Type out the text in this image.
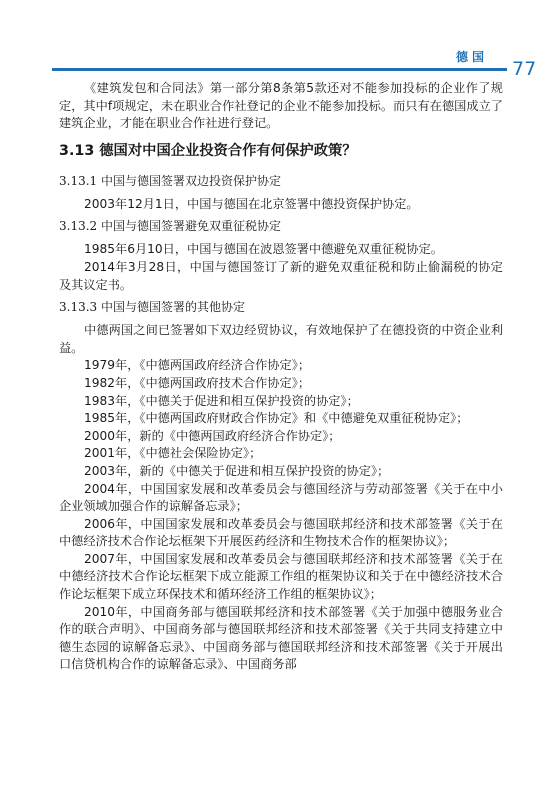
德国
77

《建筑发包和合同法》第一部分第8条第5款还对不能参加投标的企业作了规定，其中f项规定，未在职业合作社登记的企业不能参加投标。而只有在德国成立了建筑企业，才能在职业合作社进行登记。

3.13 德国对中国企业投资合作有何保护政策？
3.13.1 中国与德国签署双边投资保护协定

2003年12月1日，中国与德国在北京签署中德投资保护协定。

3.13.2 中国与德国签署避免双重征税协定

1985年6月10日，中国与德国在波恩签署中德避免双重征税协定。

2014年3月28日，中国与德国签订了新的避免双重征税和防止偷漏税的协定及其议定书。

3.13.3 中国与德国签署的其他协定

中德两国之间已签署如下双边经贸协议，有效地保护了在德投资的中资企业利益。

1979年，《中德两国政府经济合作协定》；

1982年，《中德两国政府技术合作协定》；

1983年，《中德关于促进和相互保护投资的协定》；

1985年，《中德两国政府财政合作协定》和《中德避免双重征税协定》；

2000年，新的《中德两国政府经济合作协定》；

2001年，《中德社会保险协定》；

2003年，新的《中德关于促进和相互保护投资的协定》；

2004年，中国国家发展和改革委员会与德国经济与劳动部签署《关于在中小企业领域加强合作的谅解备忘录》；

2006年，中国国家发展和改革委员会与德国联邦经济和技术部签署《关于在中德经济技术合作论坛框架下开展医药经济和生物技术合作的框架协议》；

2007年，中国国家发展和改革委员会与德国联邦经济和技术部签署《关于在中德经济技术合作论坛框架下成立能源工作组的框架协议和关于在中德经济技术合作论坛框架下成立环保技术和循环经济工作组的框架协议》；

2010年，中国商务部与德国联邦经济和技术部签署《关于加强中德服务业合作的联合声明》、中国商务部与德国联邦经济和技术部签署《关于共同支持建立中德生态园的谅解备忘录》、中国商务部与德国联邦经济和技术部签署《关于开展出口信贷机构合作的谅解备忘录》、中国商务部
